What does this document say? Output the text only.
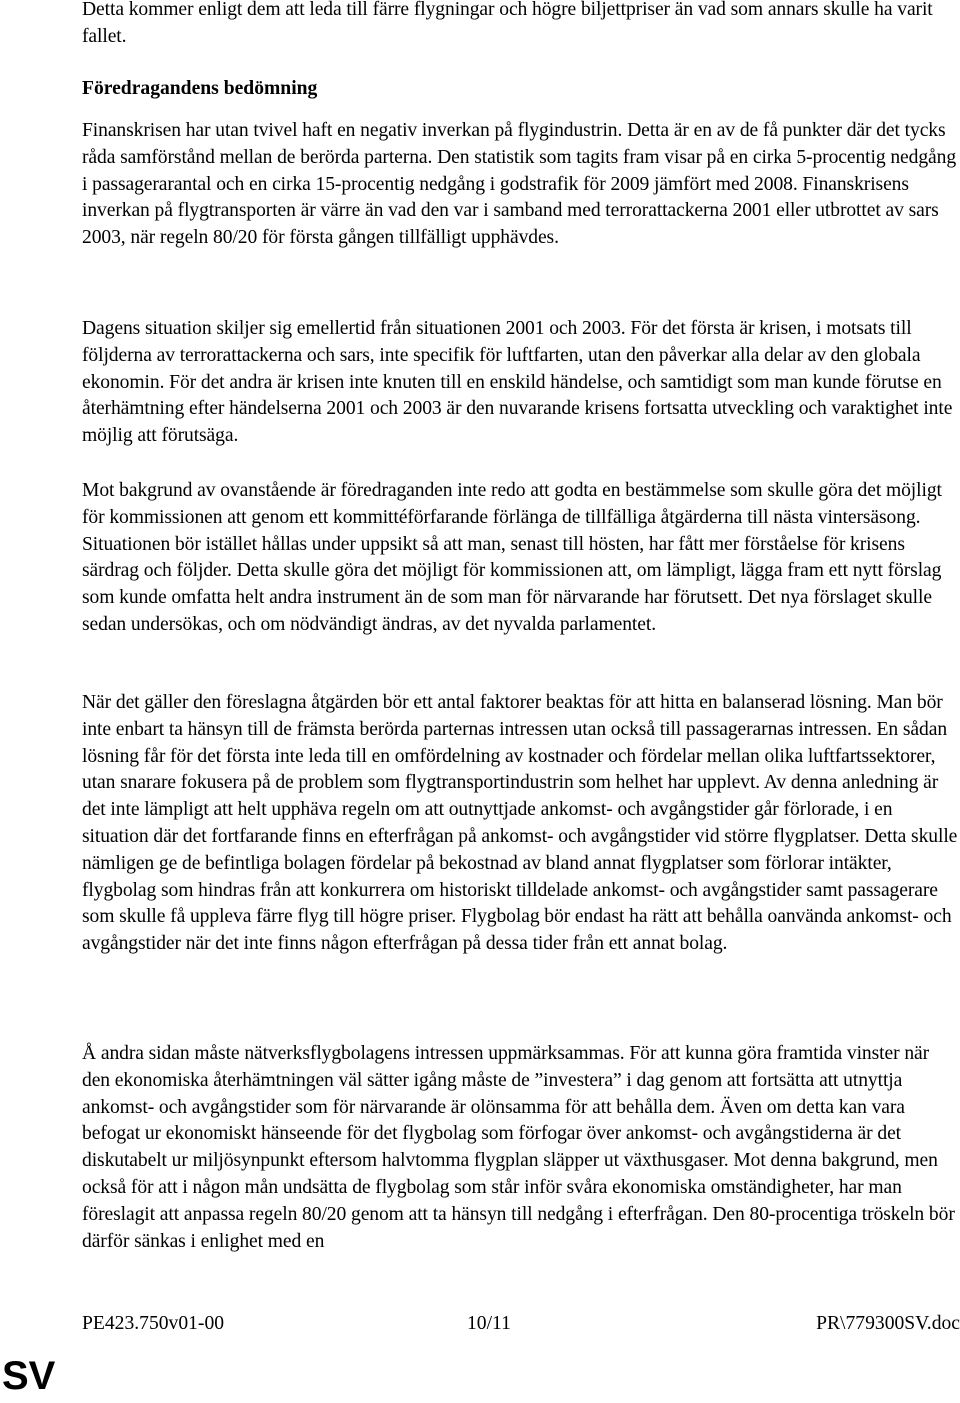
Detta kommer enligt dem att leda till färre flygningar och högre biljettpriser än vad som annars skulle ha varit fallet.

Föredragandens bedömning

Finanskrisen har utan tvivel haft en negativ inverkan på flygindustrin. Detta är en av de få punkter där det tycks råda samförstånd mellan de berörda parterna. Den statistik som tagits fram visar på en cirka 5-procentig nedgång i passagerarantal och en cirka 15-procentig nedgång i godstrafik för 2009 jämfört med 2008. Finanskrisens inverkan på flygtransporten är värre än vad den var i samband med terrorattackerna 2001 eller utbrottet av sars 2003, när regeln 80/20 för första gången tillfälligt upphävdes.

Dagens situation skiljer sig emellertid från situationen 2001 och 2003. För det första är krisen, i motsats till följderna av terrorattackerna och sars, inte specifik för luftfarten, utan den påverkar alla delar av den globala ekonomin. För det andra är krisen inte knuten till en enskild händelse, och samtidigt som man kunde förutse en återhämtning efter händelserna 2001 och 2003 är den nuvarande krisens fortsatta utveckling och varaktighet inte möjlig att förutsäga.

Mot bakgrund av ovanstående är föredraganden inte redo att godta en bestämmelse som skulle göra det möjligt för kommissionen att genom ett kommittéförfarande förlänga de tillfälliga åtgärderna till nästa vintersäsong. Situationen bör istället hållas under uppsikt så att man, senast till hösten, har fått mer förståelse för krisens särdrag och följder. Detta skulle göra det möjligt för kommissionen att, om lämpligt, lägga fram ett nytt förslag som kunde omfatta helt andra instrument än de som man för närvarande har förutsett. Det nya förslaget skulle sedan undersökas, och om nödvändigt ändras, av det nyvalda parlamentet.

När det gäller den föreslagna åtgärden bör ett antal faktorer beaktas för att hitta en balanserad lösning. Man bör inte enbart ta hänsyn till de främsta berörda parternas intressen utan också till passagerarnas intressen. En sådan lösning får för det första inte leda till en omfördelning av kostnader och fördelar mellan olika luftfartssektorer, utan snarare fokusera på de problem som flygtransportindustrin som helhet har upplevt. Av denna anledning är det inte lämpligt att helt upphäva regeln om att outnyttjade ankomst- och avgångstider går förlorade, i en situation där det fortfarande finns en efterfrågan på ankomst- och avgångstider vid större flygplatser. Detta skulle nämligen ge de befintliga bolagen fördelar på bekostnad av bland annat flygplatser som förlorar intäkter, flygbolag som hindras från att konkurrera om historiskt tilldelade ankomst- och avgångstider samt passagerare som skulle få uppleva färre flyg till högre priser. Flygbolag bör endast ha rätt att behålla oanvända ankomst- och avgångstider när det inte finns någon efterfrågan på dessa tider från ett annat bolag.

Å andra sidan måste nätverksflygbolagens intressen uppmärksammas. För att kunna göra framtida vinster när den ekonomiska återhämtningen väl sätter igång måste de ”investera” i dag genom att fortsätta att utnyttja ankomst- och avgångstider som för närvarande är olönsamma för att behålla dem. Även om detta kan vara befogat ur ekonomiskt hänseende för det flygbolag som förfogar över ankomst- och avgångstiderna är det diskutabelt ur miljösynpunkt eftersom halvtomma flygplan släpper ut växthusgaser. Mot denna bakgrund, men också för att i någon mån undsätta de flygbolag som står inför svåra ekonomiska omständigheter, har man föreslagit att anpassa regeln 80/20 genom att ta hänsyn till nedgång i efterfrågan. Den 80-procentiga tröskeln bör därför sänkas i enlighet med en

PE423.750v01-00	10/11	PR\779300SV.doc
SV
